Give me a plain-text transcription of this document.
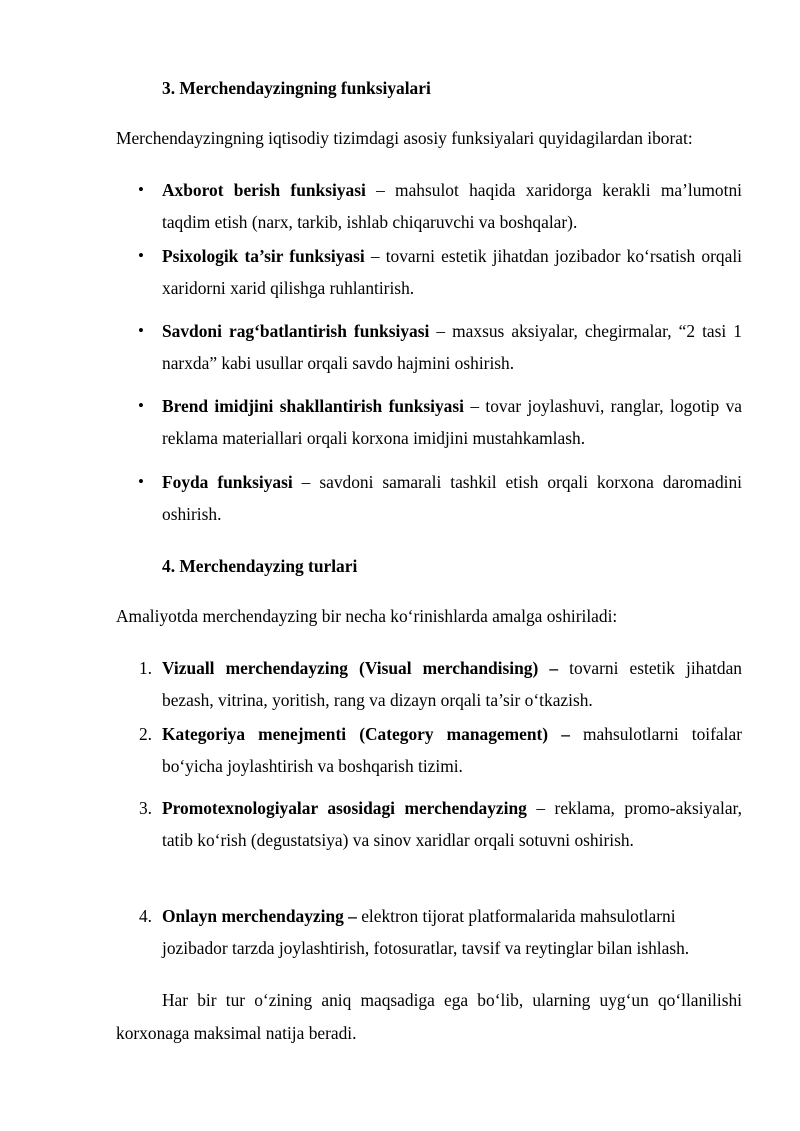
3. Merchendayzingning funksiyalari
Merchendayzingning iqtisodiy tizimdagi asosiy funksiyalari quyidagilardan iborat:
• Axborot berish funksiyasi – mahsulot haqida xaridorga kerakli ma’lumotni taqdim etish (narx, tarkib, ishlab chiqaruvchi va boshqalar).
• Psixologik ta’sir funksiyasi – tovarni estetik jihatdan jozibador ko‘rsatish orqali xaridorni xarid qilishga ruhlantirish.
• Savdoni rag‘batlantirish funksiyasi – maxsus aksiyalar, chegirmalar, “2 tasi 1 narxda” kabi usullar orqali savdo hajmini oshirish.
• Brend imidjini shakllantirish funksiyasi – tovar joylashuvi, ranglar, logotip va reklama materiallari orqali korxona imidjini mustahkamlash.
• Foyda funksiyasi – savdoni samarali tashkil etish orqali korxona daromadini oshirish.
4. Merchendayzing turlari
Amaliyotda merchendayzing bir necha ko‘rinishlarda amalga oshiriladi:
1. Vizuall merchendayzing (Visual merchandising) – tovarni estetik jihatdan bezash, vitrina, yoritish, rang va dizayn orqali ta’sir o‘tkazish.
2. Kategoriya menejmenti (Category management) – mahsulotlarni toifalar bo‘yicha joylashtirish va boshqarish tizimi.
3. Promotexnologiyalar asosidagi merchendayzing – reklama, promo-aksiyalar, tatib ko‘rish (degustatsiya) va sinov xaridlar orqali sotuvni oshirish.
4. Onlayn merchendayzing – elektron tijorat platformalarida mahsulotlarni jozibador tarzda joylashtirish, fotosuratlar, tavsif va reytinglar bilan ishlash.
Har bir tur o‘zining aniq maqsadiga ega bo‘lib, ularning uyg‘un qo‘llanilishi korxonaga maksimal natija beradi.
